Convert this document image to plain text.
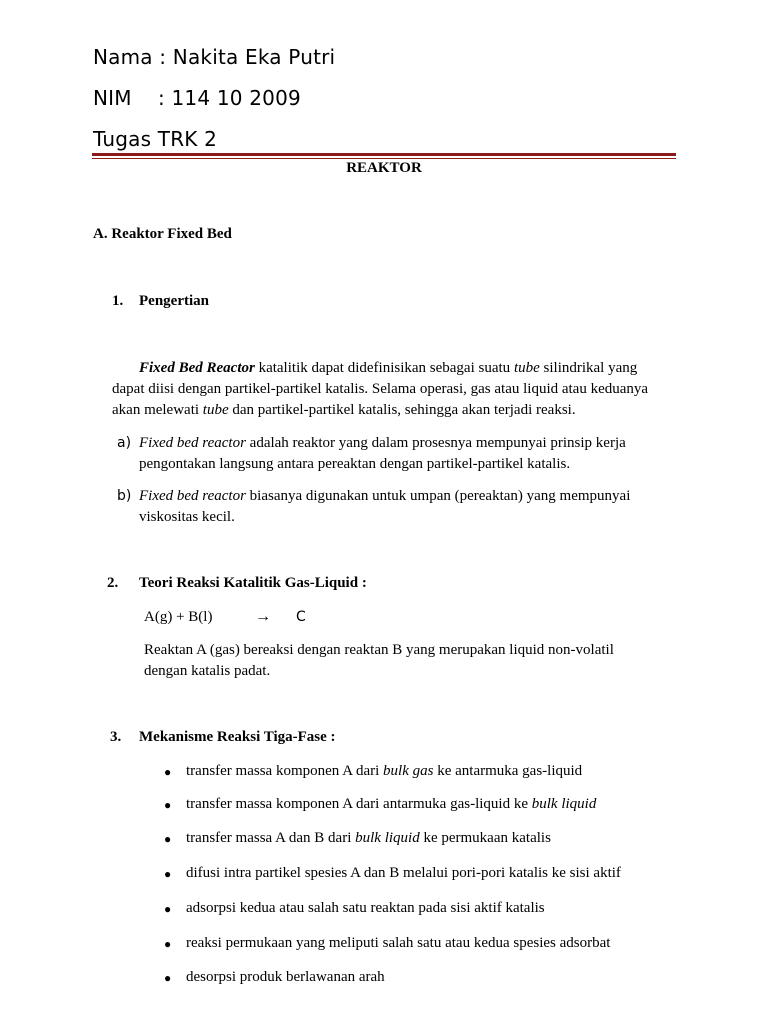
Nama : Nakita Eka Putri
NIM : 114 10 2009
Tugas TRK 2
REAKTOR
A. Reaktor Fixed Bed
1. Pengertian
Fixed Bed Reactor katalitik dapat didefinisikan sebagai suatu tube silindrikal yang
dapat diisi dengan partikel-partikel katalis. Selama operasi, gas atau liquid atau keduanya
akan melewati tube dan partikel-partikel katalis, sehingga akan terjadi reaksi.
a) Fixed bed reactor adalah reaktor yang dalam prosesnya mempunyai prinsip kerja
pengontakan langsung antara pereaktan dengan partikel-partikel katalis.
b) Fixed bed reactor biasanya digunakan untuk umpan (pereaktan) yang mempunyai
viskositas kecil.
2. Teori Reaksi Katalitik Gas-Liquid :
A(g) + B(l)	→ C
Reaktan A (gas) bereaksi dengan reaktan B yang merupakan liquid non-volatil
dengan katalis padat.
3. Mekanisme Reaksi Tiga-Fase :
● transfer massa komponen A dari bulk gas ke antarmuka gas-liquid
● transfer massa komponen A dari antarmuka gas-liquid ke bulk liquid
● transfer massa A dan B dari bulk liquid ke permukaan katalis
● difusi intra partikel spesies A dan B melalui pori-pori katalis ke sisi aktif
● adsorpsi kedua atau salah satu reaktan pada sisi aktif katalis
● reaksi permukaan yang meliputi salah satu atau kedua spesies adsorbat
● desorpsi produk berlawanan arah
